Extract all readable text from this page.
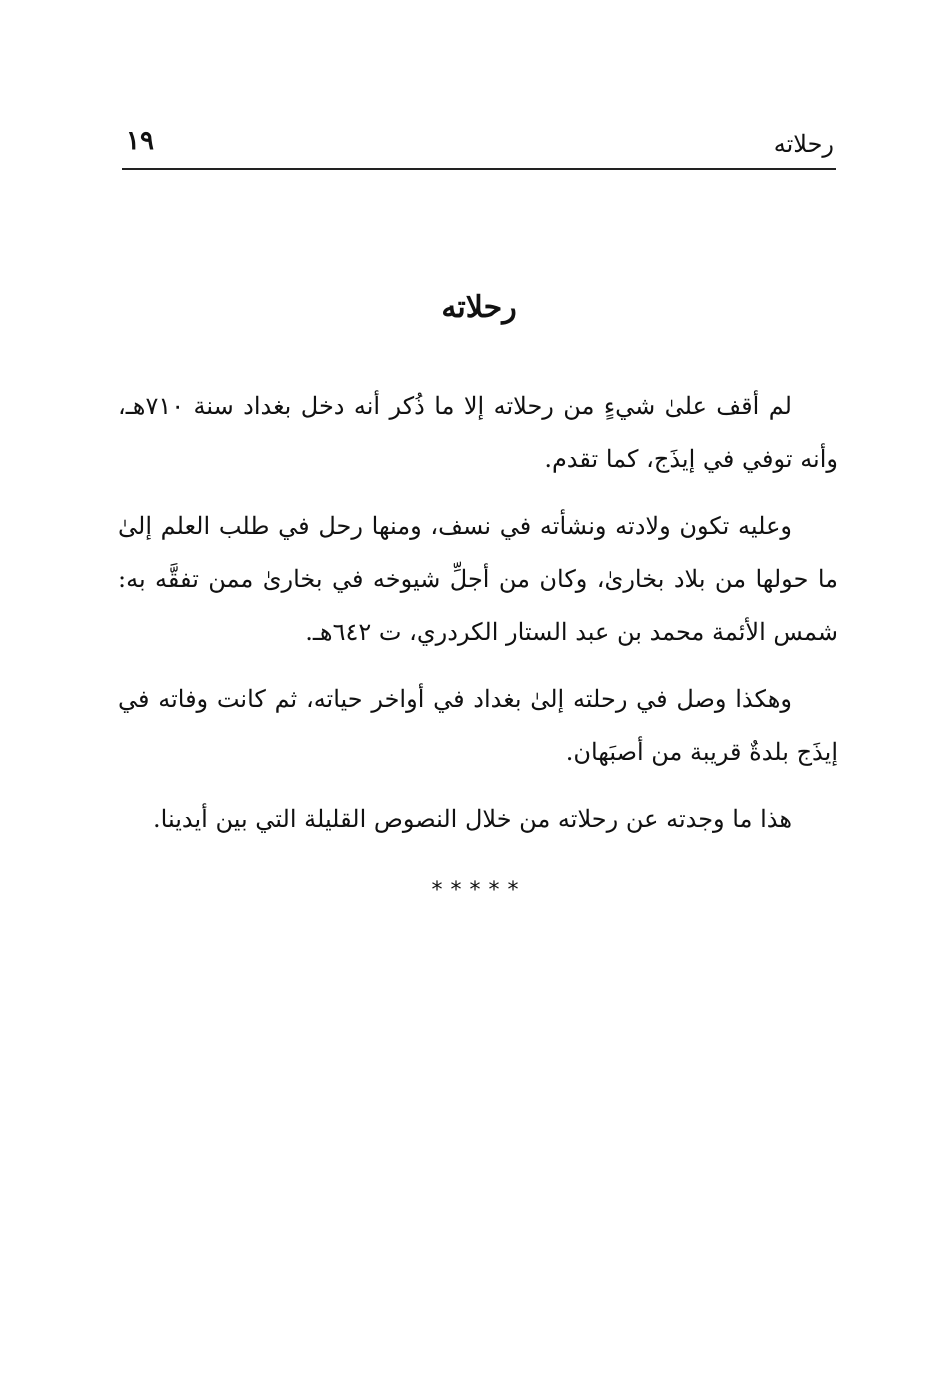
رحلاته
١٩
رحلاته

لم أقف علىٰ شيءٍ من رحلاته إلا ما ذُكر أنه دخل بغداد سنة ٧١٠هـ، وأنه توفي في إيذَج، كما تقدم.

وعليه تكون ولادته ونشأته في نسف، ومنها رحل في طلب العلم إلىٰ ما حولها من بلاد بخارىٰ، وكان من أجلِّ شيوخه في بخارىٰ ممن تفقَّه به: شمس الأئمة محمد بن عبد الستار الكردري، ت ٦٤٢هـ.

وهكذا وصل في رحلته إلىٰ بغداد في أواخر حياته، ثم كانت وفاته في إيذَج بلدةٌ قريبة من أصبَهان.

هذا ما وجدته عن رحلاته من خلال النصوص القليلة التي بين أيدينا.

*****
